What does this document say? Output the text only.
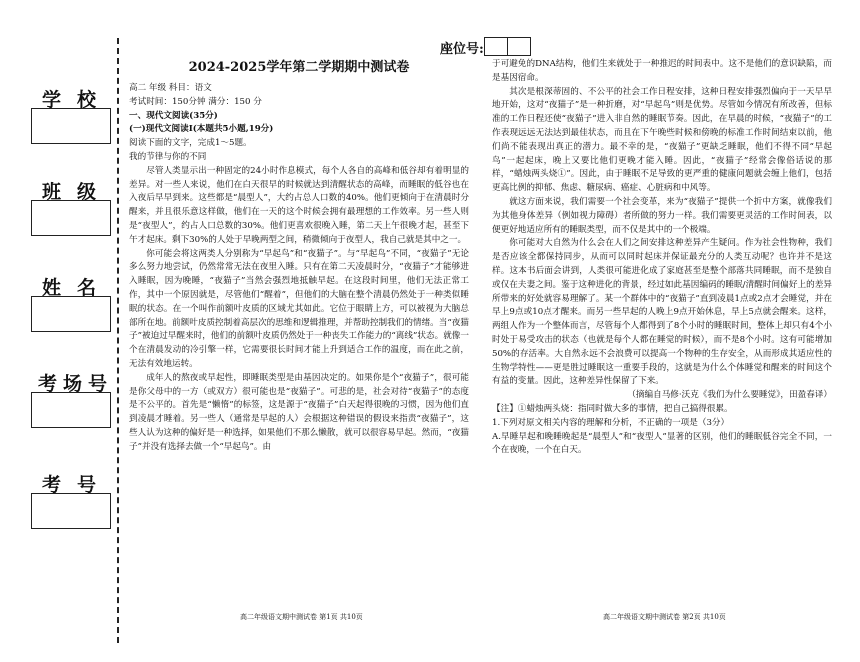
学校
班级
姓名
考场号
考号
座位号:
2024-2025学年第二学期期中测试卷

高二 年级 科目：语文

考试时间：150分钟 满分：150 分

一、现代文阅读(35分)

(一)现代文阅读Ⅰ(本题共5小题,19分)

阅读下面的文字，完成1～5题。

我的节律与你的不同

尽管人类显示出一种固定的24小时作息模式，每个人各自的高峰和低谷却有着明显的差异。对一些人来说，他们在白天很早的时候就达到清醒状态的高峰，而睡眠的低谷也在入夜后早早到来。这些都是“晨型人”，大约占总人口数的40%。他们更倾向于在清晨时分醒来，并且很乐意这样做，他们在一天的这个时候会拥有最理想的工作效率。另一些人则是“夜型人”，约占人口总数的30%。他们更喜欢很晚入睡，第二天上午很晚才起，甚至下午才起床。剩下30%的人处于早晚两型之间，稍微倾向于夜型人，我自己就是其中之一。

你可能会将这两类人分别称为“早起鸟”和“夜猫子”。与“早起鸟”不同，“夜猫子”无论多么努力地尝试，仍然常常无法在夜里入睡。只有在第二天凌晨时分，“夜猫子”才能够进入睡眠，因为晚睡，“夜猫子”当然会强烈地抵触早起。在这段时间里，他们无法正常工作，其中一个原因就是，尽管他们“醒着”，但他们的大脑在整个清晨仍然处于一种类似睡眠的状态。在一个叫作前额叶皮质的区域尤其如此。它位于眼睛上方，可以被视为大脑总部所在地。前额叶皮质控制着高层次的思维和逻辑推理，并帮助控制我们的情绪。当“夜猫子”被迫过早醒来时，他们的前额叶皮质仍然处于一种丧失工作能力的“离线”状态。就像一个在清晨发动的冷引擎一样，它需要很长时间才能上升到适合工作的温度，而在此之前，无法有效地运转。

成年人的熬夜或早起性，即睡眠类型是由基因决定的。如果你是个“夜猫子”，很可能是你父母中的一方（或双方）很可能也是“夜猫子”。可悲的是，社会对待“夜猫子”的态度是不公平的。首先是“懒惰”的标签，这是源于“夜猫子”白天起得很晚的习惯，因为他们直到凌晨才睡着。另一些人（通常是早起的人）会根据这种错误的假设来指责“夜猫子”，这些人认为这种的偏好是一种选择，如果他们不那么懒散，就可以很容易早起。然而，“夜猫子”并没有选择去做一个“早起鸟”。由

于可避免的DNA结构，他们生来就处于一种推迟的时间表中。这不是他们的意识缺陷，而是基因宿命。

其次是根深蒂固的、不公平的社会工作日程安排，这种日程安排强烈偏向于一天早早地开始，这对“夜猫子”是一种折磨，对“早起鸟”则是优势。尽管如今情况有所改善，但标准的工作日程还使“夜猫子”进入非自然的睡眠节奏。因此，在早晨的时候，“夜猫子”的工作表现远远无法达到最佳状态，而且在下午晚些时候和傍晚的标准工作时间结束以前，他们尚不能表现出真正的潜力。最不幸的是，“夜猫子”更缺乏睡眠，他们不得不同“早起鸟”一起起床，晚上又要比他们更晚才能入睡。因此，“夜猫子”经常会像俗话说的那样，“蜡烛两头烧①”。因此，由于睡眠不足导致的更严重的健康问题就会缠上他们，包括更高比例的抑郁、焦虑、糖尿病、癌症、心脏病和中风等。

就这方面来说，我们需要一个社会变革，来为“夜猫子”提供一个折中方案，就像我们为其他身体差异（例如视力障碍）者所做的努力一样。我们需要更灵活的工作时间表，以便更好地适应所有的睡眠类型，而不仅是其中的一个极端。

你可能对大自然为什么会在人们之间安排这种差异产生疑问。作为社会性物种，我们是否应该全都保持同步，从而可以同时起床并保证最充分的人类互动呢？也许并不是这样。这本书后面会讲到，人类很可能进化成了家庭甚至是整个部落共同睡眠，而不是独自或仅在夫妻之间。鉴于这种进化的背景，经过如此基因编码的睡眠/清醒时间偏好上的差异所带来的好处就容易理解了。某一个群体中的“夜猫子”直到凌晨1点或2点才会睡觉，并在早上9点或10点才醒来。而另一些早起的人晚上9点开始休息，早上5点就会醒来。这样，两组人作为一个整体而言，尽管每个人都得到了8个小时的睡眠时间，整体上却只有4个小时处于易受攻击的状态（也就是每个人都在睡觉的时候），而不是8个小时。这有可能增加50%的存活率。大自然永远不会浪费可以提高一个物种的生存安全，从而形成其适应性的生物学特性——更是胜过睡眠这一重要手段的，这就是为什么个体睡觉和醒来的时间这个有益的变量。因此，这种差异性保留了下来。

（摘编自马修·沃克《我们为什么要睡觉》，田盈春译）

【注】①蜡烛两头烧：指同时做大多的事情，把自己搞得很累。

1.下列对原文相关内容的理解和分析，不正确的一项是（3分）

A.早睡早起和晚睡晚起是“晨型人”和“夜型人”显著的区别，他们的睡眠低谷完全不同，一个在夜晚，一个在白天。

高二年级语文期中测试卷 第1页 共10页	高二年级语文期中测试卷 第2页 共10页
